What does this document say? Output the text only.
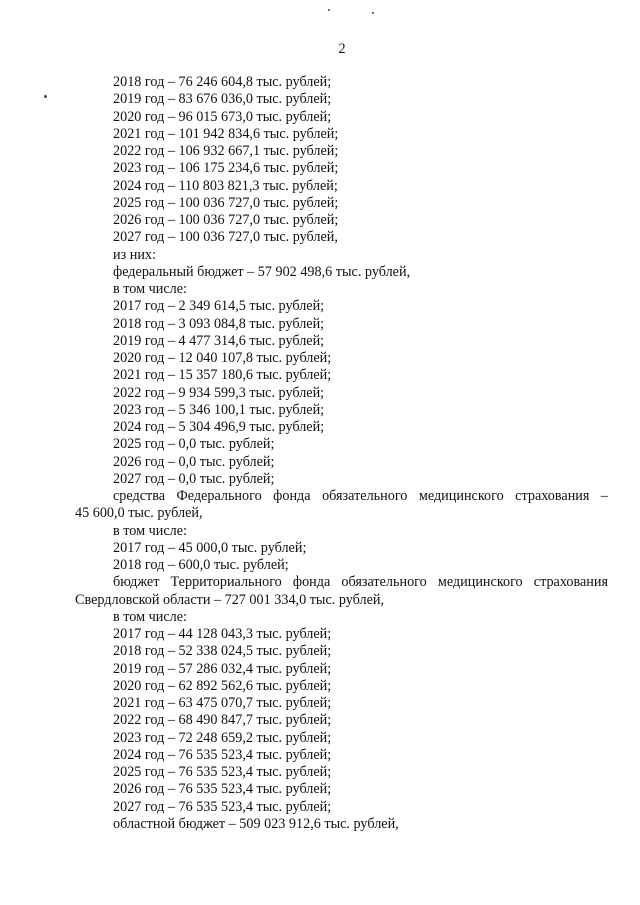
2
2018 год – 76 246 604,8 тыс. рублей;
2019 год – 83 676 036,0 тыс. рублей;
2020 год – 96 015 673,0 тыс. рублей;
2021 год – 101 942 834,6 тыс. рублей;
2022 год – 106 932 667,1 тыс. рублей;
2023 год – 106 175 234,6 тыс. рублей;
2024 год – 110 803 821,3 тыс. рублей;
2025 год – 100 036 727,0 тыс. рублей;
2026 год – 100 036 727,0 тыс. рублей;
2027 год – 100 036 727,0 тыс. рублей,
из них:
федеральный бюджет – 57 902 498,6 тыс. рублей,
в том числе:
2017 год – 2 349 614,5 тыс. рублей;
2018 год – 3 093 084,8 тыс. рублей;
2019 год – 4 477 314,6 тыс. рублей;
2020 год – 12 040 107,8 тыс. рублей;
2021 год – 15 357 180,6 тыс. рублей;
2022 год – 9 934 599,3 тыс. рублей;
2023 год – 5 346 100,1 тыс. рублей;
2024 год – 5 304 496,9 тыс. рублей;
2025 год – 0,0 тыс. рублей;
2026 год – 0,0 тыс. рублей;
2027 год – 0,0 тыс. рублей;
средства Федерального фонда обязательного медицинского страхования –
45 600,0 тыс. рублей,
в том числе:
2017 год – 45 000,0 тыс. рублей;
2018 год – 600,0 тыс. рублей;
бюджет Территориального фонда обязательного медицинского страхования
Свердловской области – 727 001 334,0 тыс. рублей,
в том числе:
2017 год – 44 128 043,3 тыс. рублей;
2018 год – 52 338 024,5 тыс. рублей;
2019 год – 57 286 032,4 тыс. рублей;
2020 год – 62 892 562,6 тыс. рублей;
2021 год – 63 475 070,7 тыс. рублей;
2022 год – 68 490 847,7 тыс. рублей;
2023 год – 72 248 659,2 тыс. рублей;
2024 год – 76 535 523,4 тыс. рублей;
2025 год – 76 535 523,4 тыс. рублей;
2026 год – 76 535 523,4 тыс. рублей;
2027 год – 76 535 523,4 тыс. рублей;
областной бюджет – 509 023 912,6 тыс. рублей,
